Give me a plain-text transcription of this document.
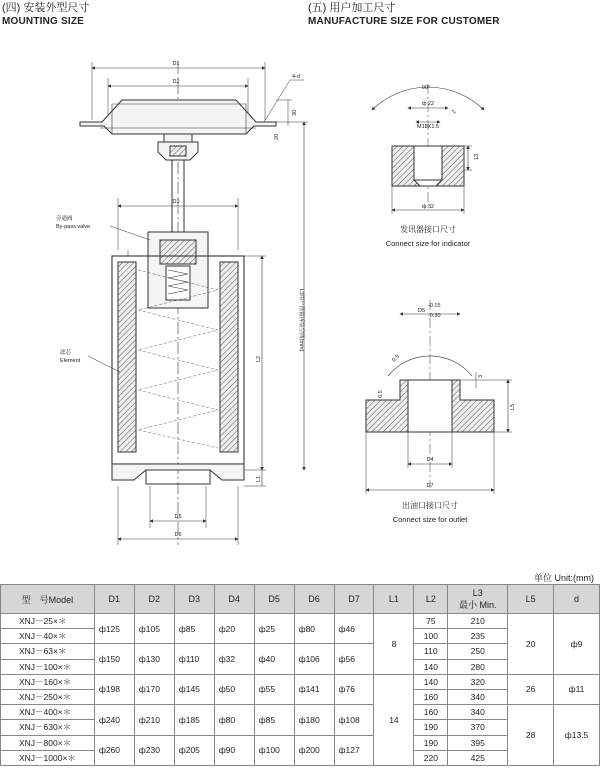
(四) 安装外型尺寸
MOUNTING SIZE
(五) 用户加工尺寸
MANUFACTURE SIZE FOR CUSTOMER
D1
D2
D3
D5
D6
4-d
30
20
L2
L1
L3用户预留拆装空间(mm)
旁通阀
By-pass valve
滤芯
Element
90°
ф 22
M18X1.5
13
ф 32
2
发讯器接口尺寸
Connect size for indicator
D5
-0.15
-0.30
D4
D7
L5
3
0.5
0.5
出油口接口尺寸
Connect size for outlet
单位 Unit:(mm)
型　号Model	D1	D2	D3	D4	D5	D6	D7	L1	L2	L3
最小 Min.	L5	d
XNJ－25×＊	ф125	ф105	ф85	ф20	ф25	ф80	ф46	8	75	210	20	ф9
XNJ－40×＊									100	235		
XNJ－63×＊	ф150	ф130	ф110	ф32	ф40	ф106	ф56		110	250		
XNJ－100×＊									140	280		
XNJ－160×＊	ф198	ф170	ф145	ф50	ф55	ф141	ф76	14	140	320	26	ф11
XNJ－250×＊									160	340		
XNJ－400×＊	ф240	ф210	ф185	ф80	ф85	ф180	ф108		160	340	28	ф13.5
XNJ－630×＊									190	370		
XNJ－800×＊	ф260	ф230	ф205	ф90	ф100	ф200	ф127		190	395		
XNJ－1000×＊									220	425		
